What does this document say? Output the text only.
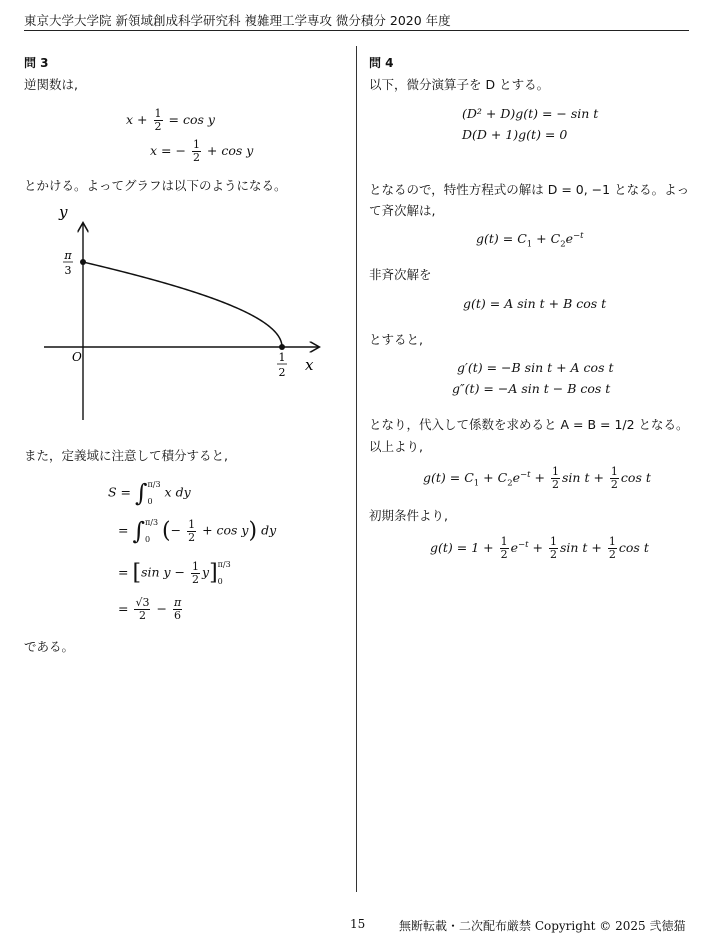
東京大学大学院 新領域創成科学研究科 複雑理工学専攻 微分積分 2020 年度
問 3
逆関数は,
$x + \frac{1}{2} = \cos y$
x = − $\frac{1}{2} + \cos y$
とかける。よってグラフは以下のようになる。
y
x
O
π
3
1
2
また，定義域に注意して積分すると,
S = ∫ π/3
0
x dy
= ∫ π/3
0 (− $\frac{1}{2} + \cos y$) dy
= [sin $y - \frac{1}{2} y$] π/3
0
= $\frac{√3}{2} - \frac{\pi}{6}$
である。
問 4
以下，微分演算子を D とする。
(D² + D)g(t) = − sin t
D(D + 1)g(t) = 0
となるので，特性方程式の解は D = 0, −1 となる。よっ
て斉次解は,
$g(t) = C_1 + C_2e^{-t}$
非斉次解を
g(t) = A sin t + B cos t
とすると,
g′(t) = −B sin t + A cos t
g″(t) = −A sin t − B cos t
となり，代入して係数を求めると A = B = 1/2 となる。
以上より,
$g(t) = C_1 + C_2e^{-t} + \frac{1}{2}$ $\sin t + \frac{1}{2}$ cos t
初期条件より,
$g(t) = 1 + \frac{1}{2} e^{-t} + \frac{1}{2}$ $\sin t + \frac{1}{2}$ cos t
15	無断転載・二次配布厳禁 Copyright © 2025 弐徳猫
